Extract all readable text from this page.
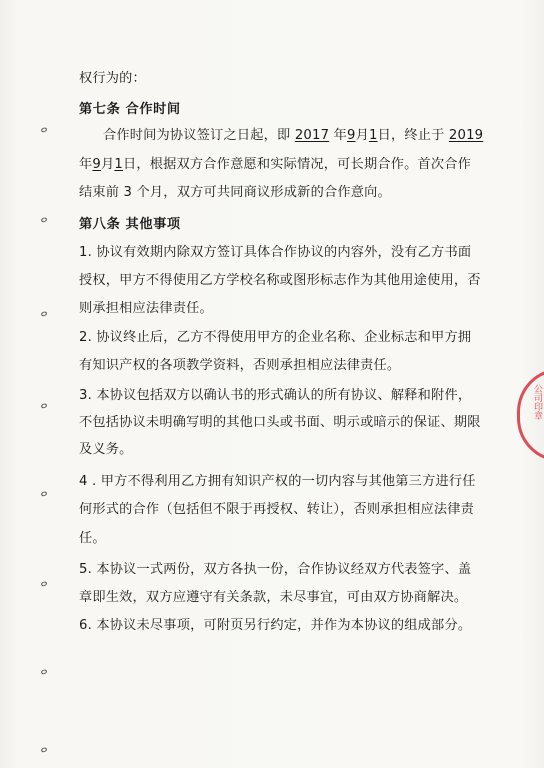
权行为的：
第七条 合作时间
合作时间为协议签订之日起，即 2017 年9月1日，终止于 2019
年9月1日，根据双方合作意愿和实际情况，可长期合作。首次合作
结束前 3 个月，双方可共同商议形成新的合作意向。
第八条 其他事项
1. 协议有效期内除双方签订具体合作协议的内容外，没有乙方书面
授权，甲方不得使用乙方学校名称或图形标志作为其他用途使用，否
则承担相应法律责任。
2. 协议终止后，乙方不得使用甲方的企业名称、企业标志和甲方拥
有知识产权的各项教学资料，否则承担相应法律责任。
3. 本协议包括双方以确认书的形式确认的所有协议、解释和附件，
不包括协议未明确写明的其他口头或书面、明示或暗示的保证、期限
及义务。
4 . 甲方不得利用乙方拥有知识产权的一切内容与其他第三方进行任
何形式的合作（包括但不限于再授权、转让），否则承担相应法律责
任。
5. 本协议一式两份，双方各执一份，合作协议经双方代表签字、盖
章即生效，双方应遵守有关条款，未尽事宜，可由双方协商解决。
6. 本协议未尽事项，可附页另行约定，并作为本协议的组成部分。
ⴰ
ⴰ
ⴰ
ⴰ
ⴰ
ⴰ
ⴰ
ⴰ
公司印章
